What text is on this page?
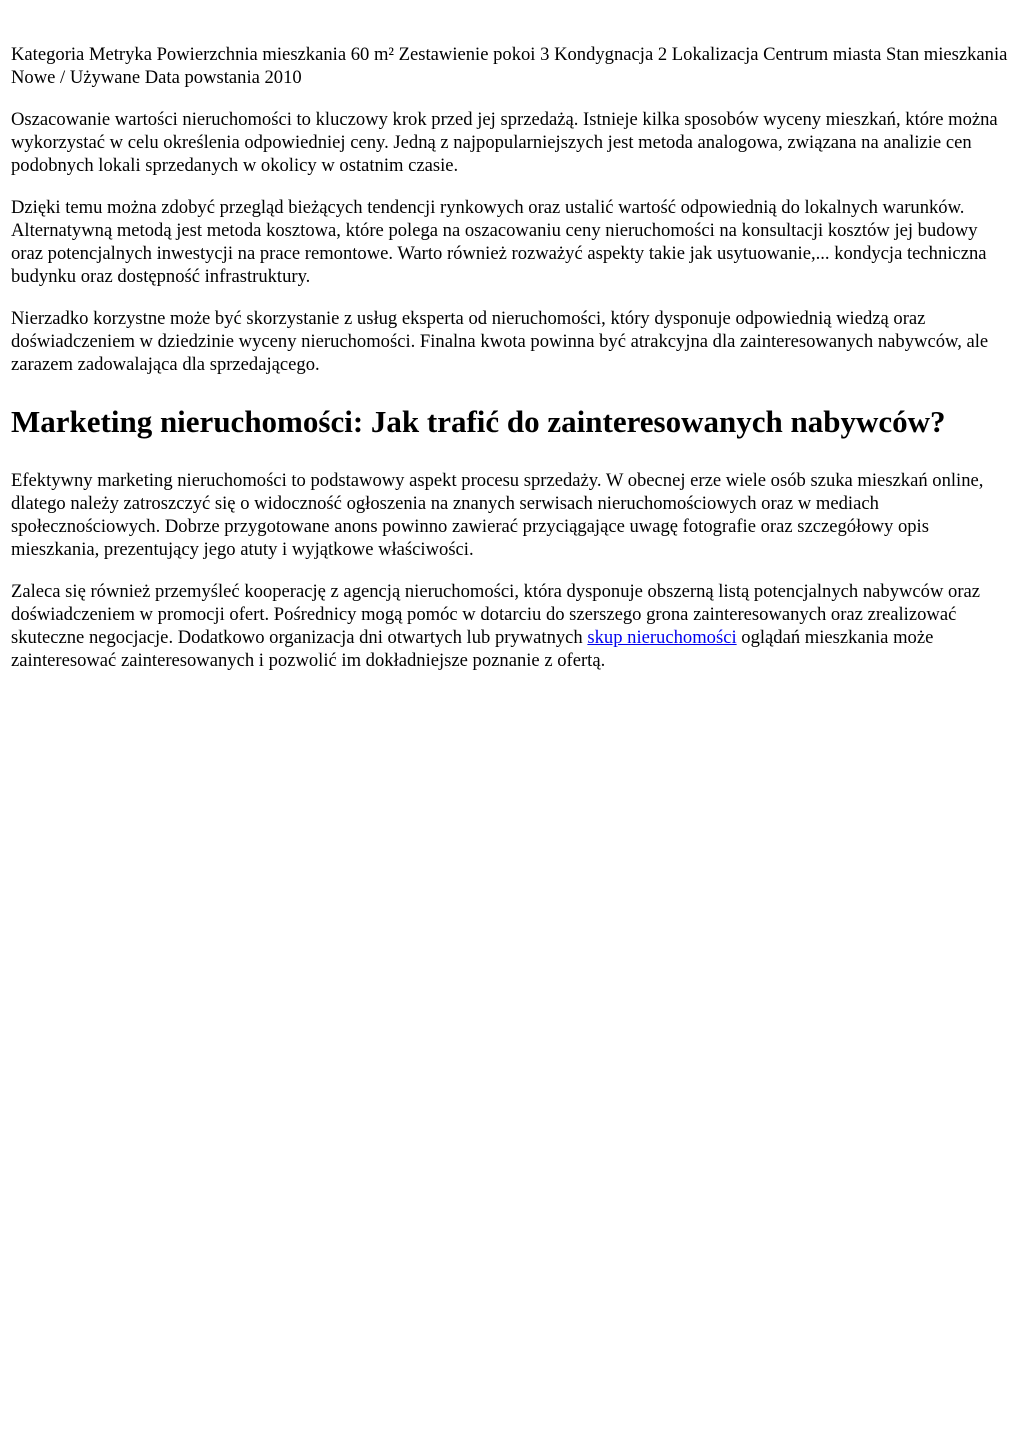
Kategoria Metryka Powierzchnia mieszkania 60 m² Zestawienie pokoi 3 Kondygnacja 2 Lokalizacja Centrum miasta Stan mieszkania Nowe / Używane Data powstania 2010

Oszacowanie wartości nieruchomości to kluczowy krok przed jej sprzedażą. Istnieje kilka sposobów wyceny mieszkań, które można wykorzystać w celu określenia odpowiedniej ceny. Jedną z najpopularniejszych jest metoda analogowa, związana na analizie cen podobnych lokali sprzedanych w okolicy w ostatnim czasie.

Dzięki temu można zdobyć przegląd bieżących tendencji rynkowych oraz ustalić wartość odpowiednią do lokalnych warunków. Alternatywną metodą jest metoda kosztowa, które polega na oszacowaniu ceny nieruchomości na konsultacji kosztów jej budowy oraz potencjalnych inwestycji na prace remontowe. Warto również rozważyć aspekty takie jak usytuowanie,... kondycja techniczna budynku oraz dostępność infrastruktury.

Nierzadko korzystne może być skorzystanie z usług eksperta od nieruchomości, który dysponuje odpowiednią wiedzą oraz doświadczeniem w dziedzinie wyceny nieruchomości. Finalna kwota powinna być atrakcyjna dla zainteresowanych nabywców, ale zarazem zadowalająca dla sprzedającego.

Marketing nieruchomości: Jak trafić do zainteresowanych nabywców?

Efektywny marketing nieruchomości to podstawowy aspekt procesu sprzedaży. W obecnej erze wiele osób szuka mieszkań online, dlatego należy zatroszczyć się o widoczność ogłoszenia na znanych serwisach nieruchomościowych oraz w mediach społecznościowych. Dobrze przygotowane anons powinno zawierać przyciągające uwagę fotografie oraz szczegółowy opis mieszkania, prezentujący jego atuty i wyjątkowe właściwości.

Zaleca się również przemyśleć kooperację z agencją nieruchomości, która dysponuje obszerną listą potencjalnych nabywców oraz doświadczeniem w promocji ofert. Pośrednicy mogą pomóc w dotarciu do szerszego grona zainteresowanych oraz zrealizować skuteczne negocjacje. Dodatkowo organizacja dni otwartych lub prywatnych skup nieruchomości oglądań mieszkania może zainteresować zainteresowanych i pozwolić im dokładniejsze poznanie z ofertą.
